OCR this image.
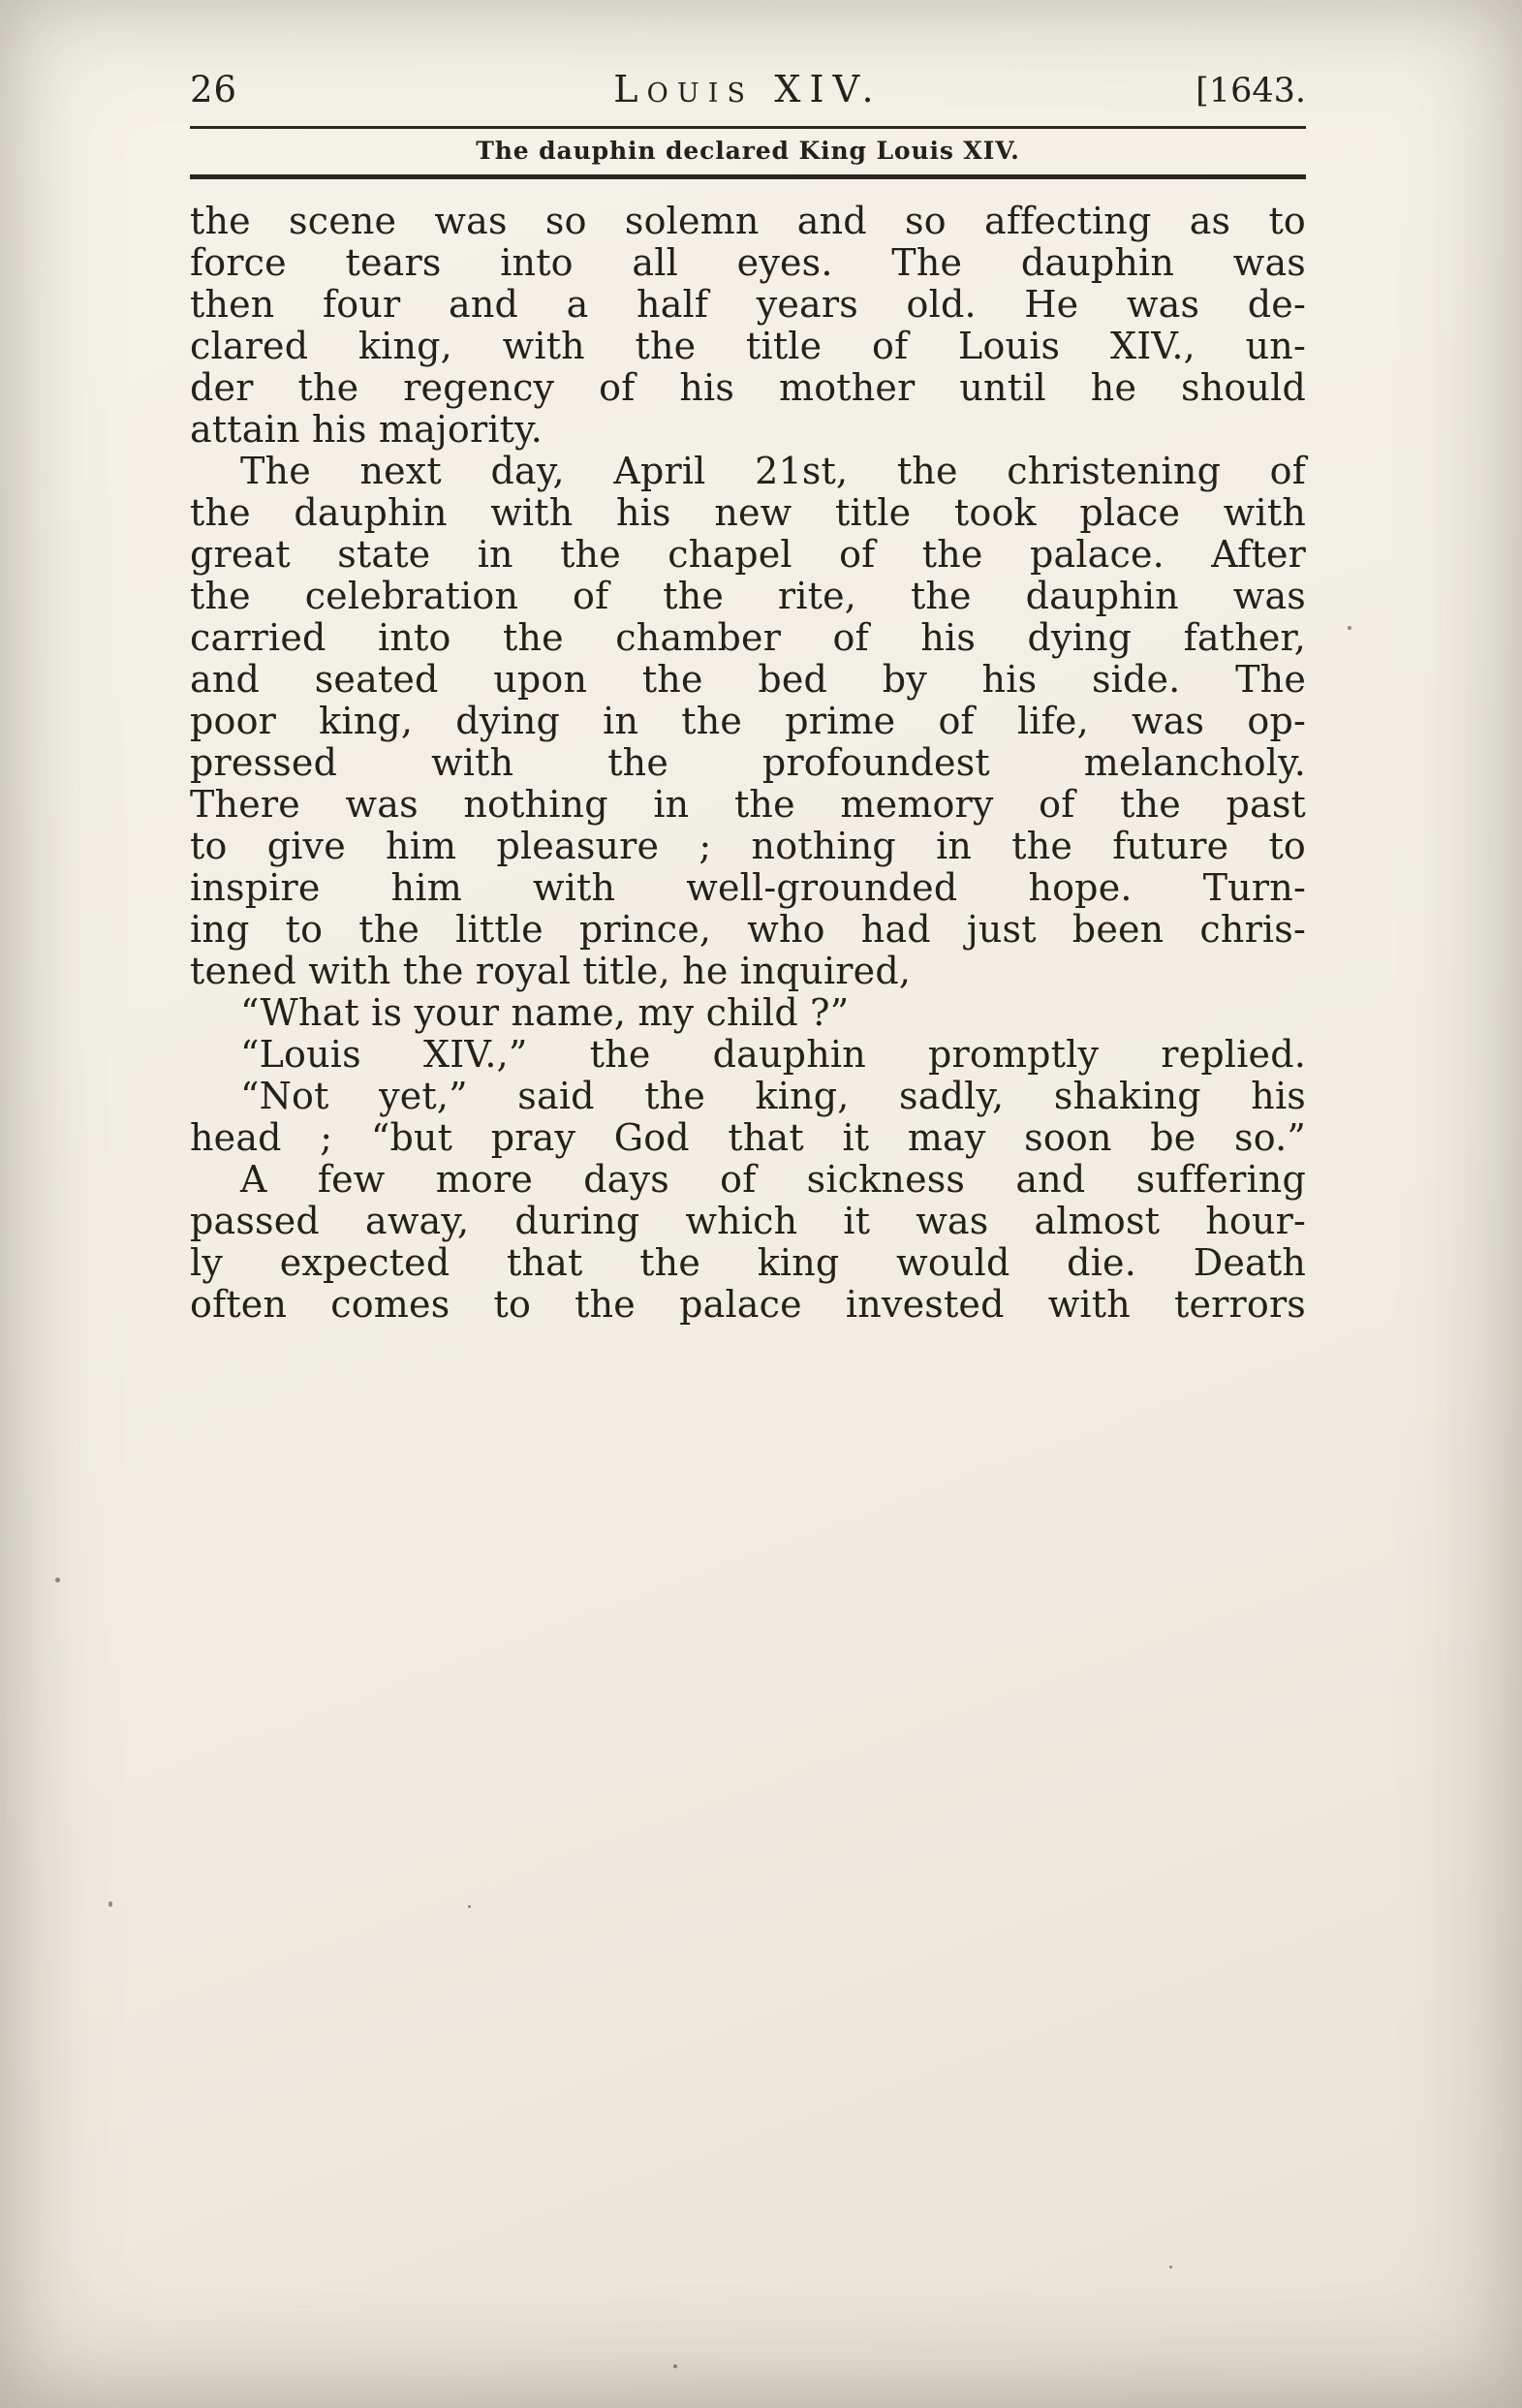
26	Louis XIV.	[1643.
The dauphin declared King Louis XIV.
the scene was so solemn and so affecting as to
force tears into all eyes. The dauphin was
then four and a half years old. He was de-
clared king, with the title of Louis XIV., un-
der the regency of his mother until he should
attain his majority.
The next day, April 21st, the christening of
the dauphin with his new title took place with
great state in the chapel of the palace. After
the celebration of the rite, the dauphin was
carried into the chamber of his dying father,
and seated upon the bed by his side. The
poor king, dying in the prime of life, was op-
pressed with the profoundest melancholy.
There was nothing in the memory of the past
to give him pleasure ; nothing in the future to
inspire him with well-grounded hope. Turn-
ing to the little prince, who had just been chris-
tened with the royal title, he inquired,
“What is your name, my child ?”
“Louis XIV.,” the dauphin promptly replied.
“Not yet,” said the king, sadly, shaking his
head ; “but pray God that it may soon be so.”
A few more days of sickness and suffering
passed away, during which it was almost hour-
ly expected that the king would die. Death
often comes to the palace invested with terrors
